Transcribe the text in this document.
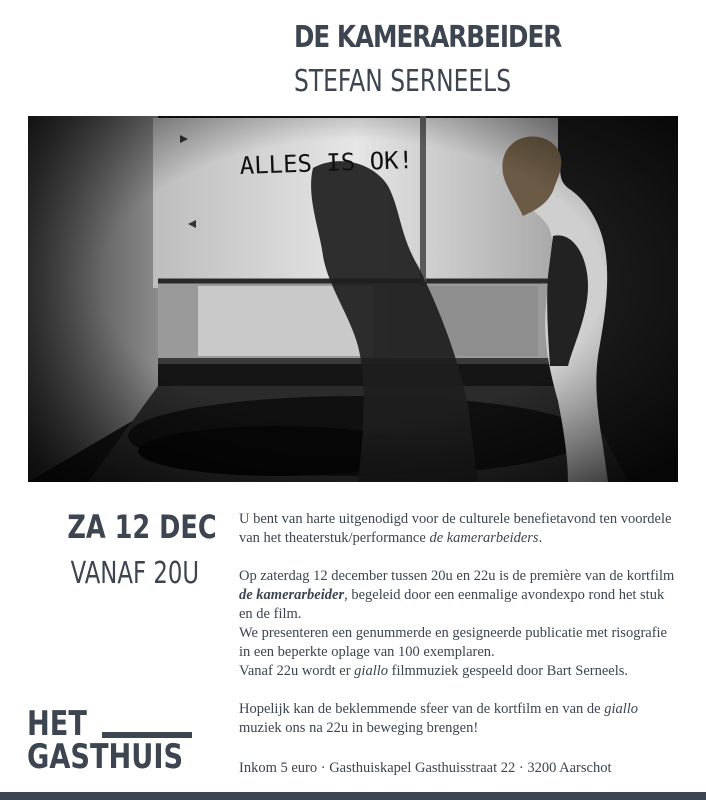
DE KAMERARBEIDER
STEFAN SERNEELS
ZA 12 DEC
VANAF 20U

U bent van harte uitgenodigd voor de culturele benefietavond ten voordele van het theaterstuk/performance de kamerarbeiders.

Op zaterdag 12 december tussen 20u en 22u is de première van de kortfilm de kamerarbeider, begeleid door een eenmalige avondexpo rond het stuk en de film.
We presenteren een genummerde en gesigneerde publicatie met risografie in een beperkte oplage van 100 exemplaren.
Vanaf 22u wordt er giallo filmmuziek gespeeld door Bart Serneels.

Hopelijk kan de beklemmende sfeer van de kortfilm en van de giallo muziek ons na 22u in beweging brengen!

HET
GASTHUIS	Inkom 5 euro · Gasthuiskapel Gasthuisstraat 22 · 3200 Aarschot
